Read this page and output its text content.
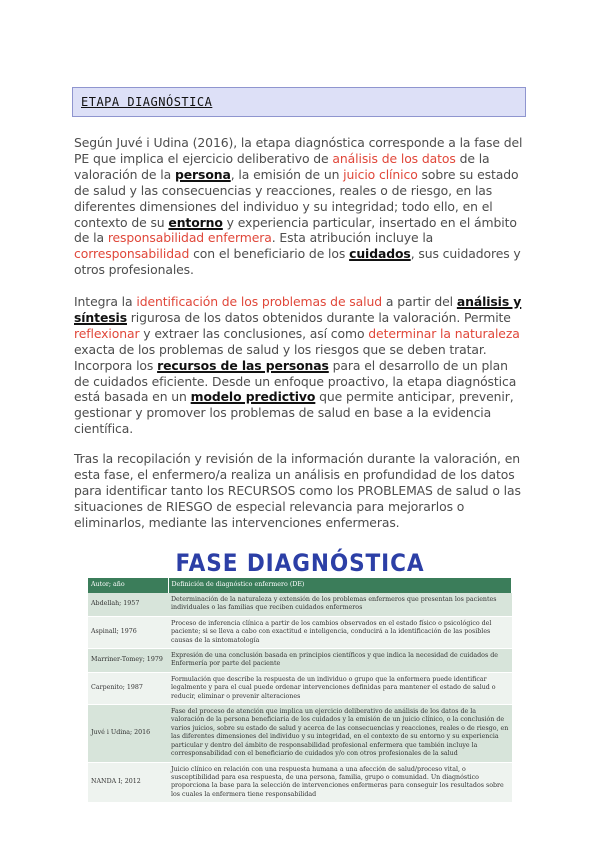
ETAPA DIAGNÓSTICA

Según Juvé i Udina (2016), la etapa diagnóstica corresponde a la fase del PE que implica el ejercicio deliberativo de análisis de los datos de la valoración de la persona, la emisión de un juicio clínico sobre su estado de salud y las consecuencias y reacciones, reales o de riesgo, en las diferentes dimensiones del individuo y su integridad; todo ello, en el contexto de su entorno y experiencia particular, insertado en el ámbito de la responsabilidad enfermera. Esta atribución incluye la corresponsabilidad con el beneficiario de los cuidados, sus cuidadores y otros profesionales.

Integra la identificación de los problemas de salud a partir del análisis y síntesis rigurosa de los datos obtenidos durante la valoración. Permite reflexionar y extraer las conclusiones, así como determinar la naturaleza exacta de los problemas de salud y los riesgos que se deben tratar. Incorpora los recursos de las personas para el desarrollo de un plan de cuidados eficiente. Desde un enfoque proactivo, la etapa diagnóstica está basada en un modelo predictivo que permite anticipar, prevenir, gestionar y promover los problemas de salud en base a la evidencia científica.

Tras la recopilación y revisión de la información durante la valoración, en esta fase, el enfermero/a realiza un análisis en profundidad de los datos para identificar tanto los RECURSOS como los PROBLEMAS de salud o las situaciones de RIESGO de especial relevancia para mejorarlos o eliminarlos, mediante las intervenciones enfermeras.

FASE DIAGNÓSTICA
Autor; año	Definición de diagnóstico enfermero (DE)
Abdellah; 1957	Determinación de la naturaleza y extensión de los problemas enfermeros que presentan los pacientes individuales o las familias que reciben cuidados enfermeros
Aspinall; 1976	Proceso de inferencia clínica a partir de los cambios observados en el estado físico o psicológico del paciente; si se lleva a cabo con exactitud e inteligencia, conducirá a la identificación de las posibles causas de la sintomatología
Marriner-Tomey; 1979	Expresión de una conclusión basada en principios científicos y que indica la necesidad de cuidados de Enfermería por parte del paciente
Carpenito; 1987	Formulación que describe la respuesta de un individuo o grupo que la enfermera puede identificar legalmente y para el cual puede ordenar intervenciones definidas para mantener el estado de salud o reducir, eliminar o prevenir alteraciones
Juvé i Udina; 2016	Fase del proceso de atención que implica un ejercicio deliberativo de análisis de los datos de la valoración de la persona beneficiaria de los cuidados y la emisión de un juicio clínico, o la conclusión de varios juicios, sobre su estado de salud y acerca de las consecuencias y reacciones, reales o de riesgo, en las diferentes dimensiones del individuo y su integridad, en el contexto de su entorno y su experiencia particular y dentro del ámbito de responsabilidad profesional enfermera que también incluye la corresponsabilidad con el beneficiario de cuidados y/o con otros profesionales de la salud
NANDA I; 2012	Juicio clínico en relación con una respuesta humana a una afección de salud/proceso vital, o susceptibilidad para esa respuesta, de una persona, familia, grupo o comunidad. Un diagnóstico proporciona la base para la selección de intervenciones enfermeras para conseguir los resultados sobre los cuales la enfermera tiene responsabilidad
